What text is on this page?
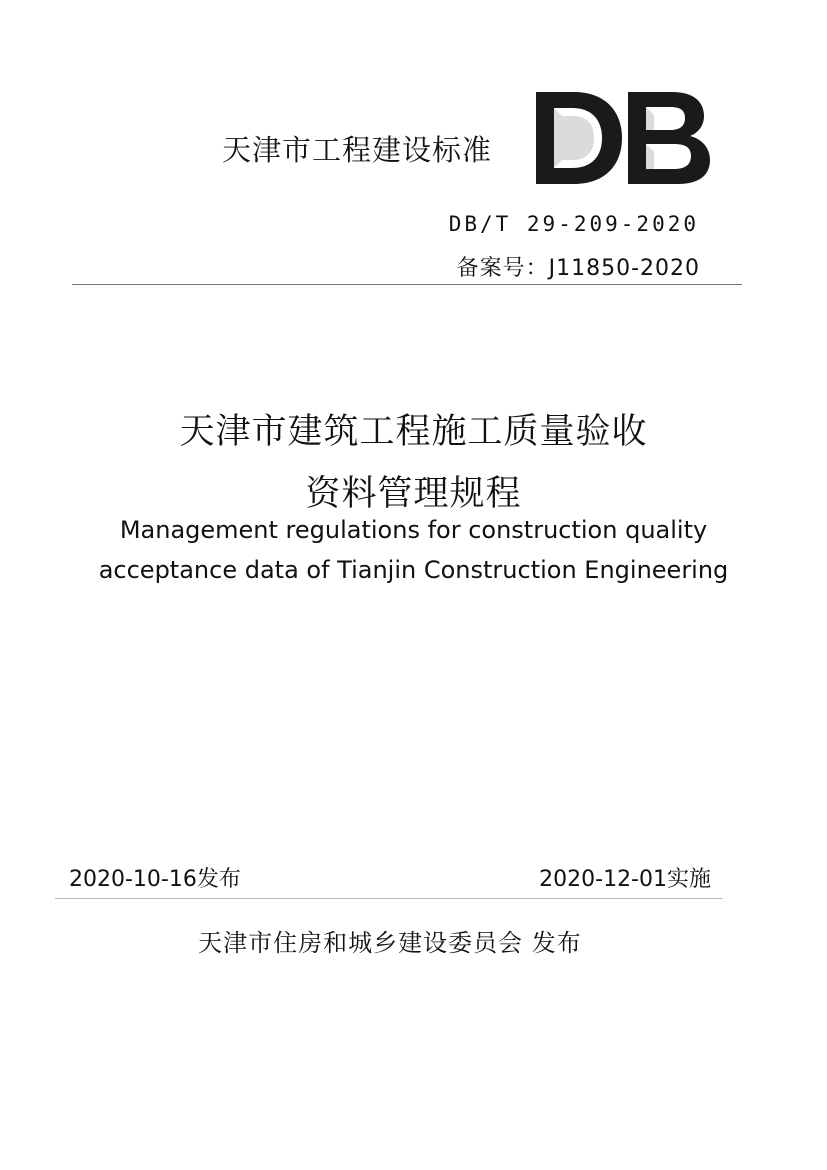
天津市工程建设标准
DB/T 29-209-2020
备案号：J11850-2020
天津市建筑工程施工质量验收
资料管理规程
Management regulations for construction quality
acceptance data of Tianjin Construction Engineering
2020-10-16发布	2020-12-01实施
天津市住房和城乡建设委员会 发布
